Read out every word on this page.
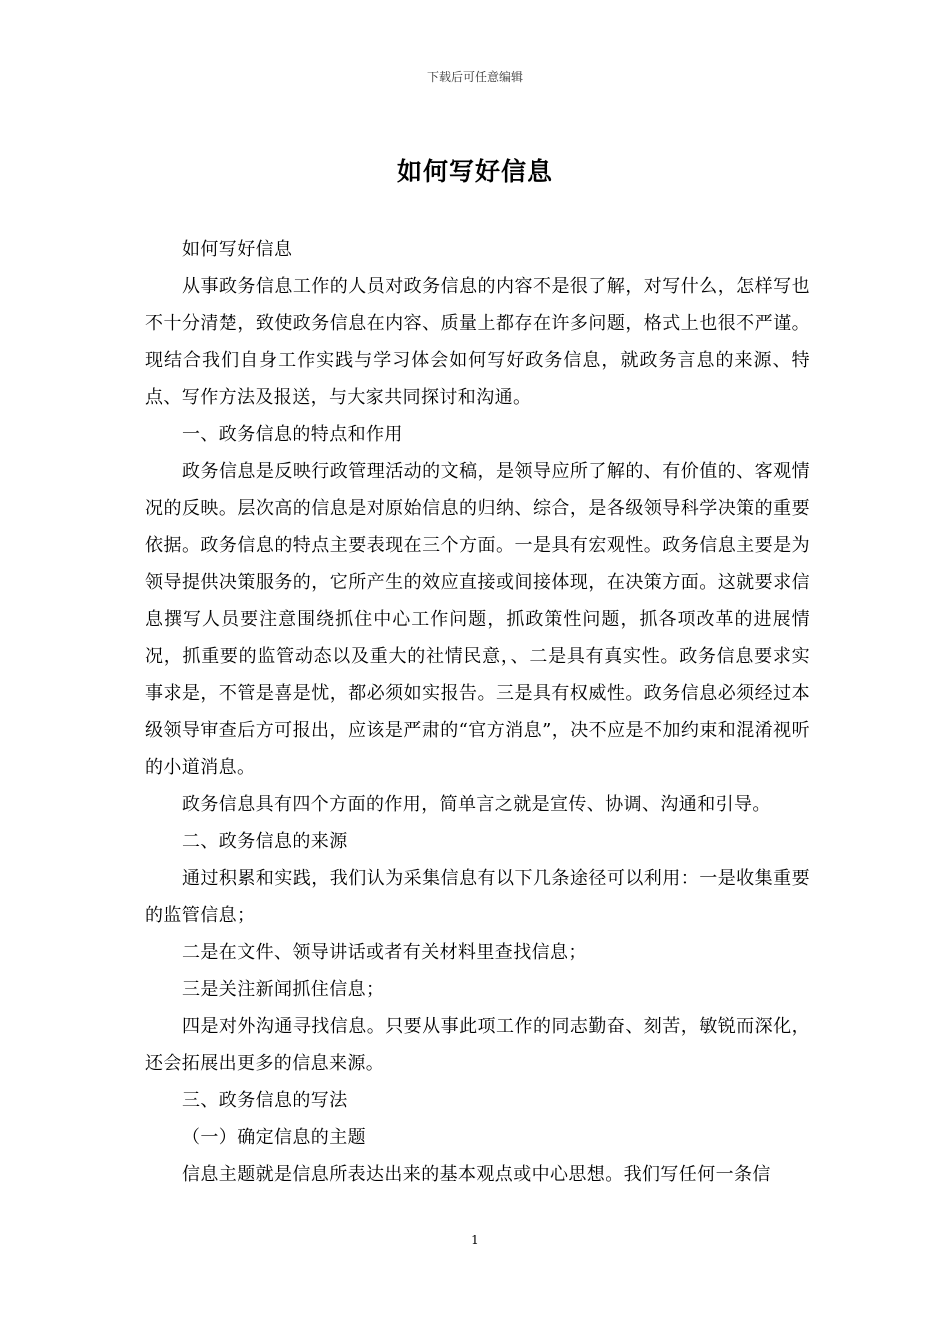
下载后可任意编辑
如何写好信息

如何写好信息

从事政务信息工作的人员对政务信息的内容不是很了解，对写什么，怎样写也不十分清楚，致使政务信息在内容、质量上都存在许多问题，格式上也很不严谨。现结合我们自身工作实践与学习体会如何写好政务信息，就政务言息的来源、特点、写作方法及报送，与大家共同探讨和沟通。

一、政务信息的特点和作用

政务信息是反映行政管理活动的文稿，是领导应所了解的、有价值的、客观情况的反映。层次高的信息是对原始信息的归纳、综合，是各级领导科学决策的重要依据。政务信息的特点主要表现在三个方面。一是具有宏观性。政务信息主要是为领导提供决策服务的，它所产生的效应直接或间接体现，在决策方面。这就要求信息撰写人员要注意围绕抓住中心工作问题，抓政策性问题，抓各项改革的进展情况，抓重要的监管动态以及重大的社情民意，、二是具有真实性。政务信息要求实事求是，不管是喜是忧，都必须如实报告。三是具有权威性。政务信息必须经过本级领导审查后方可报出，应该是严肃的“官方消息”，决不应是不加约束和混淆视听的小道消息。

政务信息具有四个方面的作用，简单言之就是宣传、协调、沟通和引导。

二、政务信息的来源

通过积累和实践，我们认为采集信息有以下几条途径可以利用：一是收集重要的监管信息；

二是在文件、领导讲话或者有关材料里查找信息；

三是关注新闻抓住信息；

四是对外沟通寻找信息。只要从事此项工作的同志勤奋、刻苦，敏锐而深化，还会拓展出更多的信息来源。

三、政务信息的写法

（一）确定信息的主题

信息主题就是信息所表达出来的基本观点或中心思想。我们写任何一条信

1
